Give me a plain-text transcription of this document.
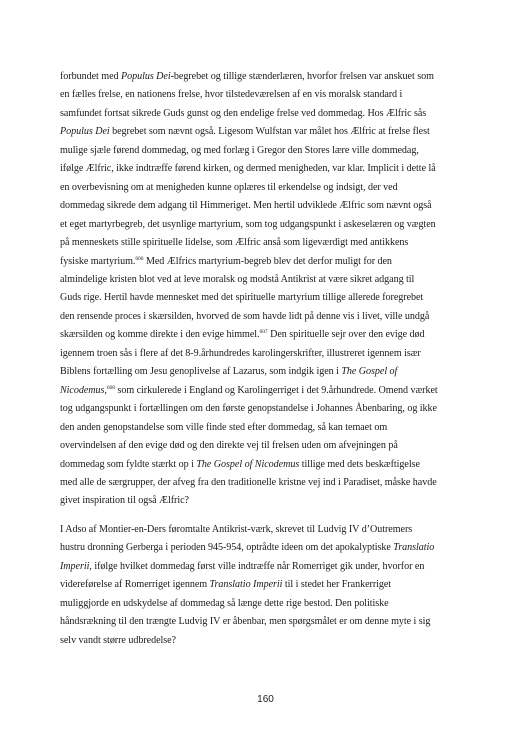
forbundet med Populus Dei-begrebet og tillige stænderlæren, hvorfor frelsen var anskuet som
en fælles frelse, en nationens frelse, hvor tilstedeværelsen af en vis moralsk standard i
samfundet fortsat sikrede Guds gunst og den endelige frelse ved dommedag. Hos Ælfric sås
Populus Dei begrebet som nævnt også. Ligesom Wulfstan var målet hos Ælfric at frelse flest
mulige sjæle førend dommedag, og med forlæg i Gregor den Stores lære ville dommedag,
ifølge Ælfric, ikke indtræffe førend kirken, og dermed menigheden, var klar. Implicit i dette lå
en overbevisning om at menigheden kunne oplæres til erkendelse og indsigt, der ved
dommedag sikrede dem adgang til Himmeriget. Men hertil udviklede Ælfric som nævnt også
et eget martyrbegreb, det usynlige martyrium, som tog udgangspunkt i askeselæren og vægten
på menneskets stille spirituelle lidelse, som Ælfric anså som ligeværdigt med antikkens
fysiske martyrium.$^{606}$ Med Ælfrics martyrium-begreb blev det derfor muligt for den
almindelige kristen blot ved at leve moralsk og modstå Antikrist at være sikret adgang til
Guds rige. Hertil havde mennesket med det spirituelle martyrium tillige allerede foregrebet
den rensende proces i skærsilden, hvorved de som havde lidt på denne vis i livet, ville undgå
skærsilden og komme direkte i den evige himmel.$^{607}$ Den spirituelle sejr over den evige død
igennem troen sås i flere af det 8-9.århundredes karolingerskrifter, illustreret igennem især
Biblens fortælling om Jesu genoplivelse af Lazarus, som indgik igen i The Gospel of
Nicodemus,$^{608}$ som cirkulerede i England og Karolingerriget i det 9.århundrede. Omend værket
tog udgangspunkt i fortællingen om den første genopstandelse i Johannes Åbenbaring, og ikke
den anden genopstandelse som ville finde sted efter dommedag, så kan temaet om
overvindelsen af den evige død og den direkte vej til frelsen uden om afvejningen på
dommedag som fyldte stærkt op i The Gospel of Nicodemus tillige med dets beskæftigelse
med alle de særgrupper, der afveg fra den traditionelle kristne vej ind i Paradiset, måske havde
givet inspiration til også Ælfric?

I Adso af Montier-en-Ders føromtalte Antikrist-værk, skrevet til Ludvig IV d’Outremers
hustru dronning Gerberga i perioden 945-954, optrådte ideen om det apokalyptiske Translatio
Imperii, ifølge hvilket dommedag først ville indtræffe når Romerriget gik under, hvorfor en
videreførelse af Romerriget igennem Translatio Imperii til i stedet her Frankerriget
muliggjorde en udskydelse af dommedag så længe dette rige bestod. Den politiske
håndsrækning til den trængte Ludvig IV er åbenbar, men spørgsmålet er om denne myte i sig
selv vandt større udbredelse?

160
